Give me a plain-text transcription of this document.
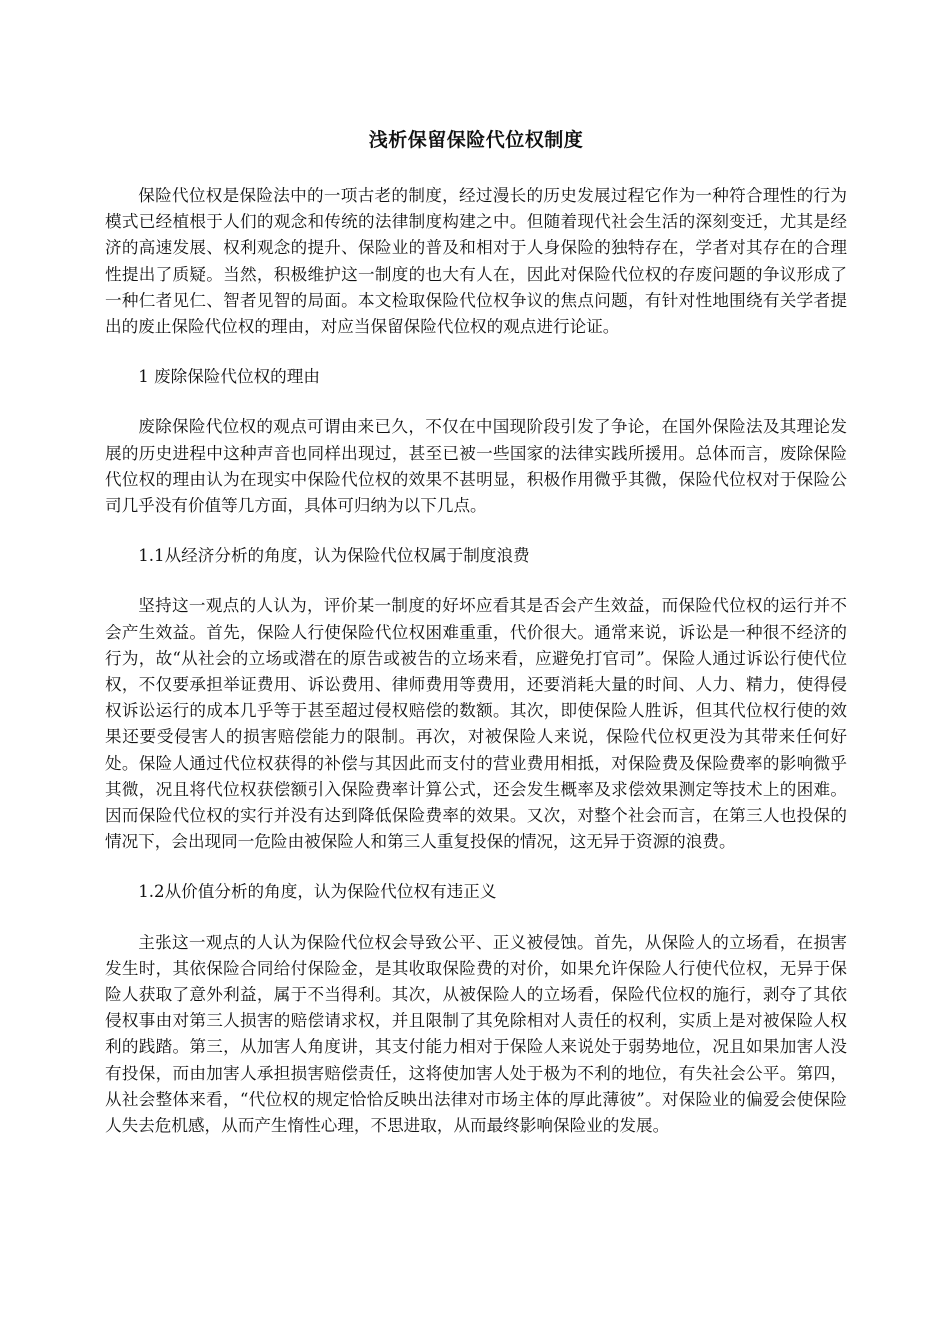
浅析保留保险代位权制度

保险代位权是保险法中的一项古老的制度，经过漫长的历史发展过程它作为一种符合理性的行为模式已经植根于人们的观念和传统的法律制度构建之中。但随着现代社会生活的深刻变迁，尤其是经济的高速发展、权利观念的提升、保险业的普及和相对于人身保险的独特存在，学者对其存在的合理性提出了质疑。当然，积极维护这一制度的也大有人在，因此对保险代位权的存废问题的争议形成了一种仁者见仁、智者见智的局面。本文检取保险代位权争议的焦点问题，有针对性地围绕有关学者提出的废止保险代位权的理由，对应当保留保险代位权的观点进行论证。

1 废除保险代位权的理由

废除保险代位权的观点可谓由来已久，不仅在中国现阶段引发了争论，在国外保险法及其理论发展的历史进程中这种声音也同样出现过，甚至已被一些国家的法律实践所援用。总体而言，废除保险代位权的理由认为在现实中保险代位权的效果不甚明显，积极作用微乎其微，保险代位权对于保险公司几乎没有价值等几方面，具体可归纳为以下几点。

1.1从经济分析的角度，认为保险代位权属于制度浪费

坚持这一观点的人认为，评价某一制度的好坏应看其是否会产生效益，而保险代位权的运行并不会产生效益。首先，保险人行使保险代位权困难重重，代价很大。通常来说，诉讼是一种很不经济的行为，故“从社会的立场或潜在的原告或被告的立场来看，应避免打官司”。保险人通过诉讼行使代位权，不仅要承担举证费用、诉讼费用、律师费用等费用，还要消耗大量的时间、人力、精力，使得侵权诉讼运行的成本几乎等于甚至超过侵权赔偿的数额。其次，即使保险人胜诉，但其代位权行使的效果还要受侵害人的损害赔偿能力的限制。再次，对被保险人来说，保险代位权更没为其带来任何好处。保险人通过代位权获得的补偿与其因此而支付的营业费用相抵，对保险费及保险费率的影响微乎其微，况且将代位权获偿额引入保险费率计算公式，还会发生概率及求偿效果测定等技术上的困难。因而保险代位权的实行并没有达到降低保险费率的效果。又次，对整个社会而言，在第三人也投保的情况下，会出现同一危险由被保险人和第三人重复投保的情况，这无异于资源的浪费。

1.2从价值分析的角度，认为保险代位权有违正义

主张这一观点的人认为保险代位权会导致公平、正义被侵蚀。首先，从保险人的立场看，在损害发生时，其依保险合同给付保险金，是其收取保险费的对价，如果允许保险人行使代位权，无异于保险人获取了意外利益，属于不当得利。其次，从被保险人的立场看，保险代位权的施行，剥夺了其依侵权事由对第三人损害的赔偿请求权，并且限制了其免除相对人责任的权利，实质上是对被保险人权利的践踏。第三，从加害人角度讲，其支付能力相对于保险人来说处于弱势地位，况且如果加害人没有投保，而由加害人承担损害赔偿责任，这将使加害人处于极为不利的地位，有失社会公平。第四，从社会整体来看，“代位权的规定恰恰反映出法律对市场主体的厚此薄彼”。对保险业的偏爱会使保险人失去危机感，从而产生惰性心理，不思进取，从而最终影响保险业的发展。
